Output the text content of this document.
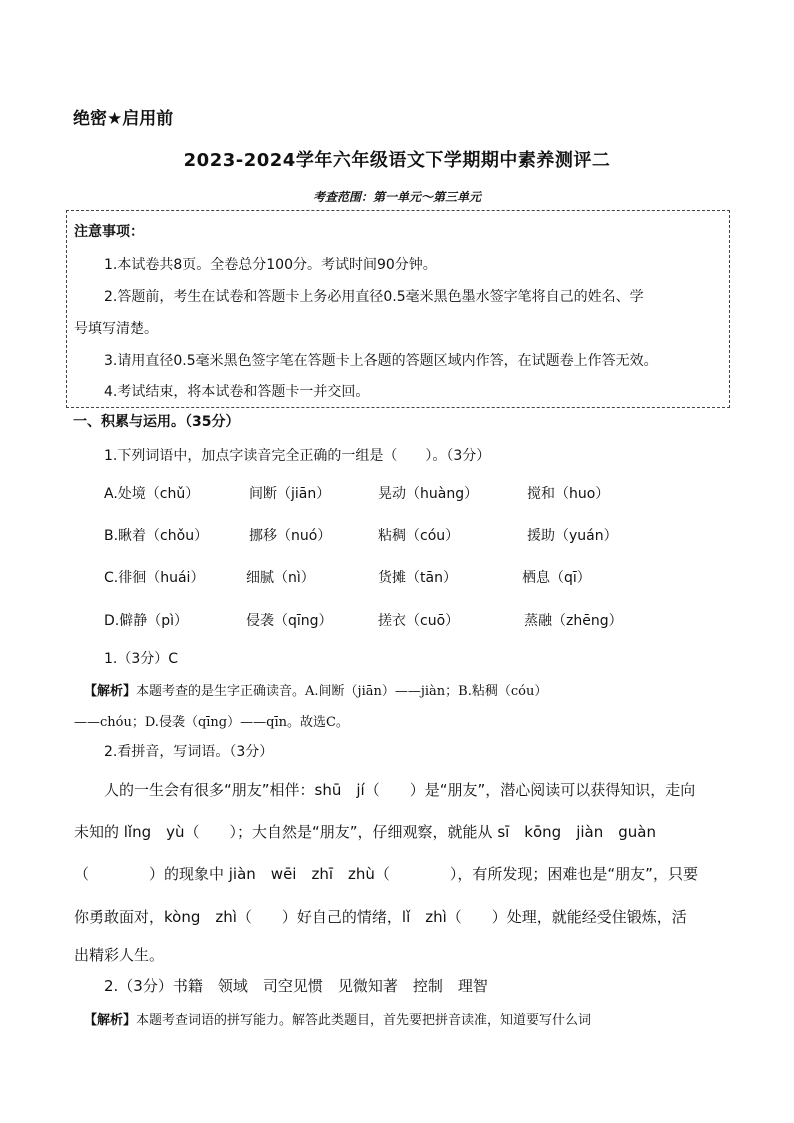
绝密★启用前
2023-2024学年六年级语文下学期期中素养测评二
考查范围：第一单元～第三单元
注意事项：
1.本试卷共8页。全卷总分100分。考试时间90分钟。
2.答题前，考生在试卷和答题卡上务必用直径0.5毫米黑色墨水签字笔将自己的姓名、学
号填写清楚。
3.请用直径0.5毫米黑色签字笔在答题卡上各题的答题区域内作答，在试题卷上作答无效。
4.考试结束，将本试卷和答题卡一并交回。
一、积累与运用。（35分）
1.下列词语中，加点字读音完全正确的一组是（　　）。（3分）
A.处境（chǔ）	间断（jiān）	晃动（huàng）	搅和（huo）
B.瞅着（chǒu）	挪移（nuó）	粘稠（cóu）	援助（yuán）
C.徘徊（huái）	细腻（nì）	货摊（tān）	栖息（qī）
D.僻静（pì）	侵袭（qīng）	搓衣（cuō）	蒸融（zhēng）
1.（3分）C
【解析】本题考查的是生字正确读音。A.间断（jiān）——jiàn；B.粘稠（cóu）
——chóu；D.侵袭（qīng）——qīn。故选C。
2.看拼音，写词语。（3分）
人的一生会有很多“朋友”相伴：shū　jí（　　）是“朋友”，潜心阅读可以获得知识，走向
未知的 lǐng　yù（　　）；大自然是“朋友”，仔细观察，就能从 sī　kōng　jiàn　guàn
（　　　　）的现象中 jiàn　wēi　zhī　zhù（　　　　），有所发现；困难也是“朋友”，只要
你勇敢面对，kòng　zhì（　　）好自己的情绪，lǐ　zhì（　　）处理，就能经受住锻炼，活
出精彩人生。
2.（3分）书籍　领域　司空见惯　见微知著　控制　理智
【解析】本题考查词语的拼写能力。解答此类题目，首先要把拼音读准，知道要写什么词
